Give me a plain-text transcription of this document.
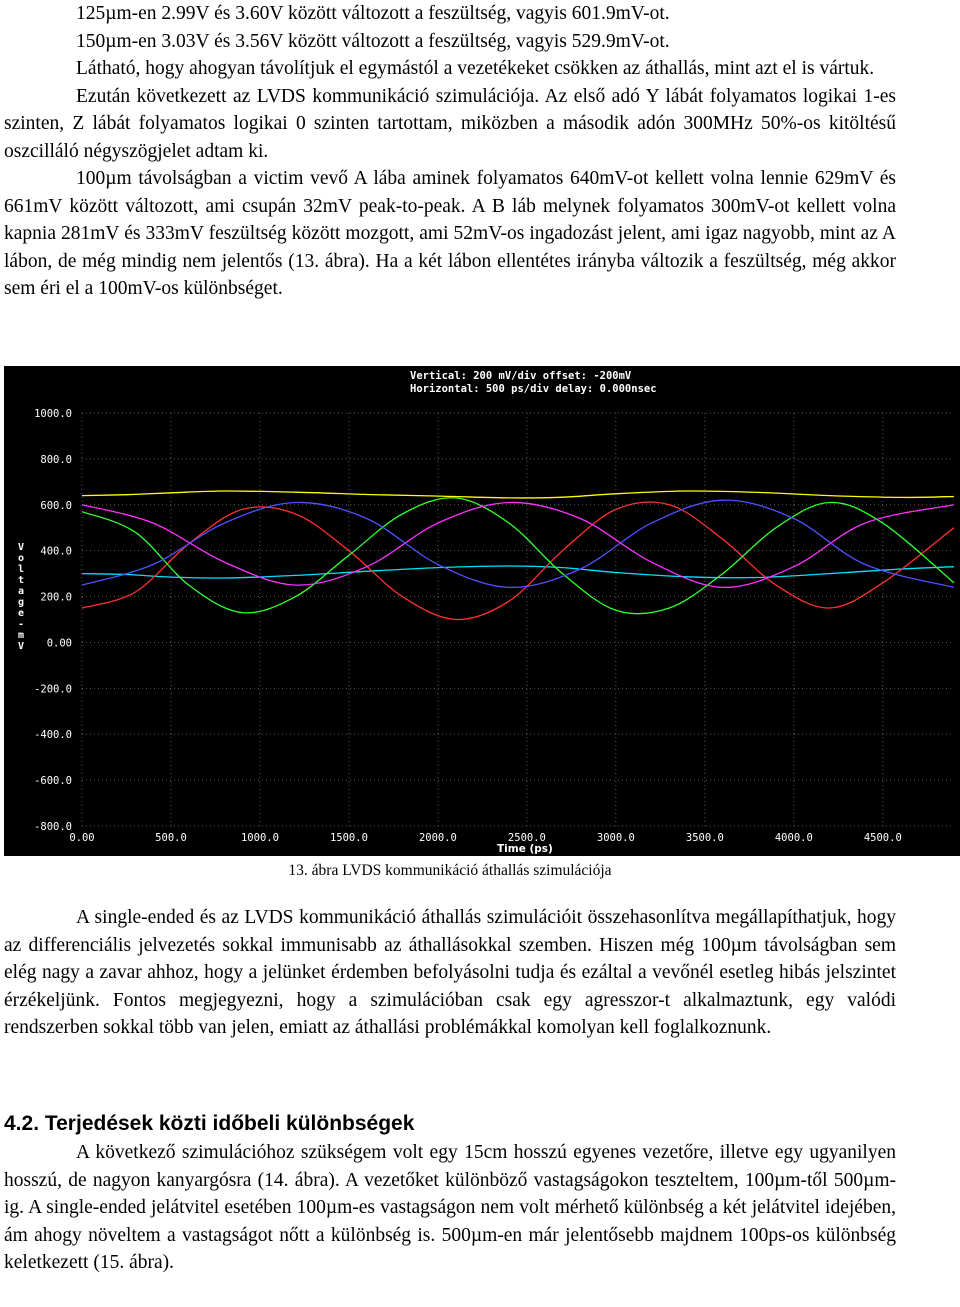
125µm-en 2.99V és 3.60V között változott a feszültség, vagyis 601.9mV-ot.

150µm-en 3.03V és 3.56V között változott a feszültség, vagyis 529.9mV-ot.

Látható, hogy ahogyan távolítjuk el egymástól a vezetékeket csökken az áthallás, mint azt el is vártuk.

Ezután következett az LVDS kommunikáció szimulációja. Az első adó Y lábát folyamatos logikai 1-es szinten, Z lábát folyamatos logikai 0 szinten tartottam, miközben a második adón 300MHz 50%-os kitöltésű oszcilláló négyszögjelet adtam ki.

100µm távolságban a victim vevő A lába aminek folyamatos 640mV-ot kellett volna lennie 629mV és 661mV között változott, ami csupán 32mV peak-to-peak. A B láb melynek folyamatos 300mV-ot kellett volna kapnia 281mV és 333mV feszültség között mozgott, ami 52mV-os ingadozást jelent, ami igaz nagyobb, mint az A lábon, de még mindig nem jelentős (13. ábra). Ha a két lábon ellentétes irányba változik a feszültség, még akkor sem éri el a 100mV-os különbséget.

1000.0
800.0
600.0
400.0
200.0
0.00
-200.0
-400.0
-600.0
-800.0
0.00	500.0	1000.0	1500.0	2000.0	2500.0	3000.0	3500.0	4000.0	4500.0
Vertical: 200 mV/div offset: -200mV
Horizontal: 500 ps/div delay: 0.000nsec
V o l t a g e -m V
Time (ps)
13. ábra LVDS kommunikáció áthallás szimulációja

A single-ended és az LVDS kommunikáció áthallás szimulációit összehasonlítva megállapíthatjuk, hogy az differenciális jelvezetés sokkal immunisabb az áthallásokkal szemben. Hiszen még 100µm távolságban sem elég nagy a zavar ahhoz, hogy a jelünket érdemben befolyásolni tudja és ezáltal a vevőnél esetleg hibás jelszintet érzékeljünk. Fontos megjegyezni, hogy a szimulációban csak egy agresszor-t alkalmaztunk, egy valódi rendszerben sokkal több van jelen, emiatt az áthallási problémákkal komolyan kell foglalkoznunk.

4.2. Terjedések közti időbeli különbségek

A következő szimulációhoz szükségem volt egy 15cm hosszú egyenes vezetőre, illetve egy ugyanilyen hosszú, de nagyon kanyargósra (14. ábra). A vezetőket különböző vastagságokon teszteltem, 100µm-től 500µm-ig. A single-ended jelátvitel esetében 100µm-es vastagságon nem volt mérhető különbség a két jelátvitel idejében, ám ahogy növeltem a vastagságot nőtt a különbség is. 500µm-en már jelentősebb majdnem 100ps-os különbség keletkezett (15. ábra).
